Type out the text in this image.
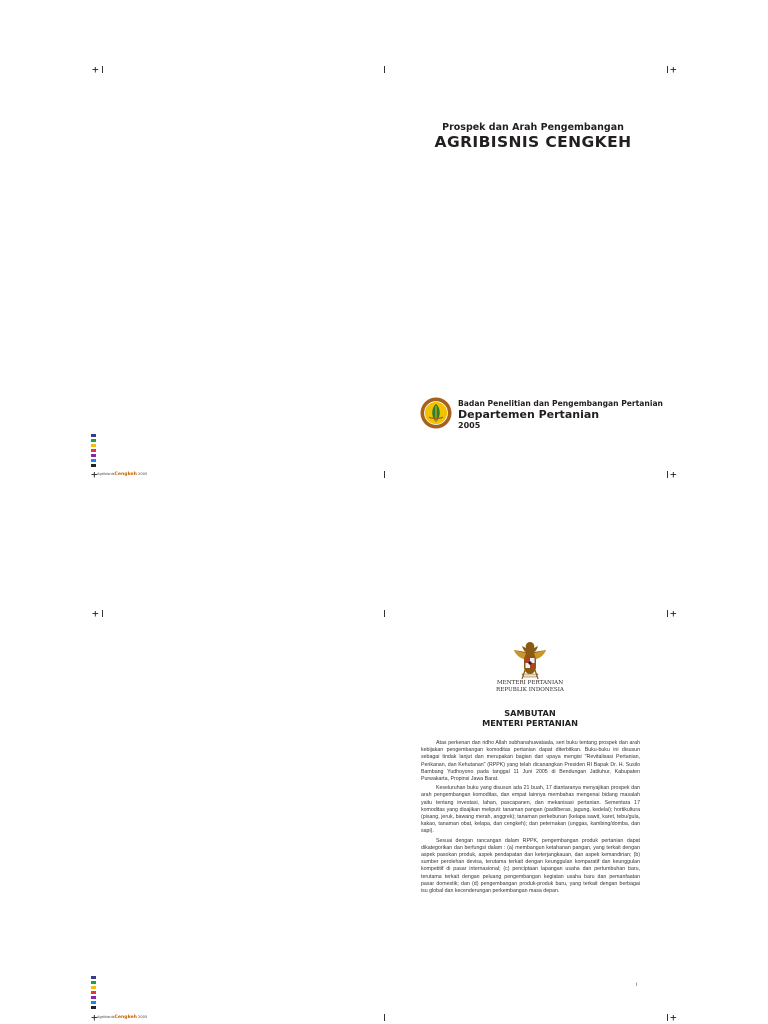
+	+
Prospek dan Arah Pengembangan
AGRIBISNIS CENGKEH
Badan Penelitian dan Pengembangan Pertanian
Departemen Pertanian
2005
+ AgribisnisCengkeh 2005	+
+	+
MENTERI PERTANIAN
REPUBLIK INDONESIA
SAMBUTAN
MENTERI PERTANIAN

Atas perkenan dan ridho Allah subhanahuwataala, seri buku tentang prospek dan arah kebijakan pengembangan komoditas pertanian dapat diterbitkan. Buku-buku ini disusun sebagai tindak lanjut dan merupakan bagian dari upaya mengisi "Revitalisasi Pertanian, Perikanan, dan Kehutanan" (RPPK) yang telah dicanangkan Presiden RI Bapak Dr. H. Susilo Bambang Yudhoyono pada tanggal 11 Juni 2005 di Bendungan Jatiluhur, Kabupaten Purwakarta, Propinsi Jawa Barat.

Keseluruhan buku yang disusun ada 21 buah, 17 diantaranya menyajikan prospek dan arah pengembangan komoditas, dan empat lainnya membahas mengenai bidang masalah yaitu tentang investasi, lahan, pascapanen, dan mekanisasi pertanian. Sementara 17 komoditas yang disajikan meliputi: tanaman pangan (padi/beras, jagung, kedelai); hortikultura (pisang, jeruk, bawang merah, anggrek); tanaman perkebunan (kelapa sawit, karet, tebu/gula, kakao, tanaman obat, kelapa, dan cengkeh); dan peternakan (unggas, kambing/domba, dan sapi).

Sesuai dengan rancangan dalam RPPK, pengembangan produk pertanian dapat dikategorikan dan berfungsi dalam : (a) membangun ketahanan pangan, yang terkait dengan aspek pasokan produk, aspek pendapatan dan keterjangkauan, dan aspek kemandirian; (b) sumber perolehan devisa, terutama terkait dengan keunggulan komparatif dan keunggulan kompetitif di pasar internasional; (c) penciptaan lapangan usaha dan pertumbuhan baru, terutama terkait dengan peluang pengembangan kegiatan usaha baru dan pemanfaatan pasar domestik; dan (d) pengembangan produk-produk baru, yang terkait dengan berbagai isu global dan kecenderungan perkembangan masa depan.

i
+ AgribisnisCengkeh 2005	+
